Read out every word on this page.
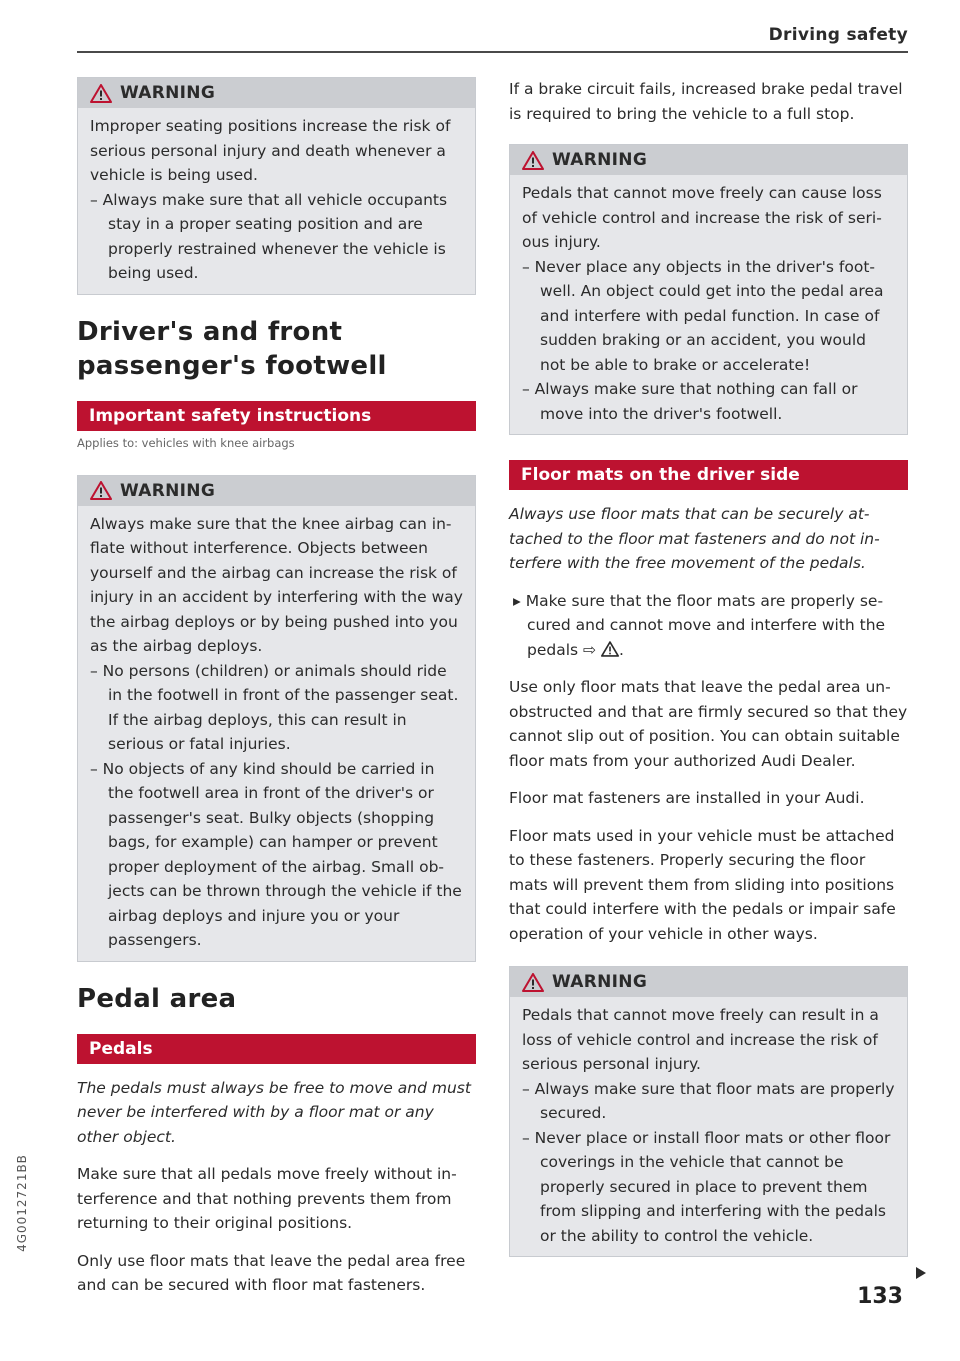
Driving safety
WARNING

Improper seating positions increase the risk of serious personal injury and death whenever a vehicle is being used.

– Always make sure that all vehicle occupants stay in a proper seating position and are properly restrained whenever the vehicle is being used.

Driver's and front passenger's footwell
Important safety instructions

Applies to: vehicles with knee airbags

WARNING

Always make sure that the knee airbag can inflate without interference. Objects between yourself and the airbag can increase the risk of injury in an accident by interfering with the way the airbag deploys or by being pushed into you as the airbag deploys.

– No persons (children) or animals should ride in the footwell in front of the passenger seat. If the airbag deploys, this can result in serious or fatal injuries.

– No objects of any kind should be carried in the footwell area in front of the driver's or passenger's seat. Bulky objects (shopping bags, for example) can hamper or prevent proper deployment of the airbag. Small objects can be thrown through the vehicle if the airbag deploys and injure you or your passengers.

Pedal area
Pedals

The pedals must always be free to move and must never be interfered with by a floor mat or any other object.

Make sure that all pedals move freely without interference and that nothing prevents them from returning to their original positions.

Only use floor mats that leave the pedal area free and can be secured with floor mat fasteners.

If a brake circuit fails, increased brake pedal travel is required to bring the vehicle to a full stop.

WARNING

Pedals that cannot move freely can cause loss of vehicle control and increase the risk of serious injury.

– Never place any objects in the driver's footwell. An object could get into the pedal area and interfere with pedal function. In case of sudden braking or an accident, you would not be able to brake or accelerate!

– Always make sure that nothing can fall or move into the driver's footwell.

Floor mats on the driver side

Always use floor mats that can be securely attached to the floor mat fasteners and do not interfere with the free movement of the pedals.

▸ Make sure that the floor mats are properly secured and cannot move and interfere with the pedals ⇨ .

Use only floor mats that leave the pedal area unobstructed and that are firmly secured so that they cannot slip out of position. You can obtain suitable floor mats from your authorized Audi Dealer.

Floor mat fasteners are installed in your Audi.

Floor mats used in your vehicle must be attached to these fasteners. Properly securing the floor mats will prevent them from sliding into positions that could interfere with the pedals or impair safe operation of your vehicle in other ways.

WARNING

Pedals that cannot move freely can result in a loss of vehicle control and increase the risk of serious personal injury.

– Always make sure that floor mats are properly secured.

– Never place or install floor mats or other floor coverings in the vehicle that cannot be properly secured in place to prevent them from slipping and interfering with the pedals or the ability to control the vehicle.

133
4G0012721BB
